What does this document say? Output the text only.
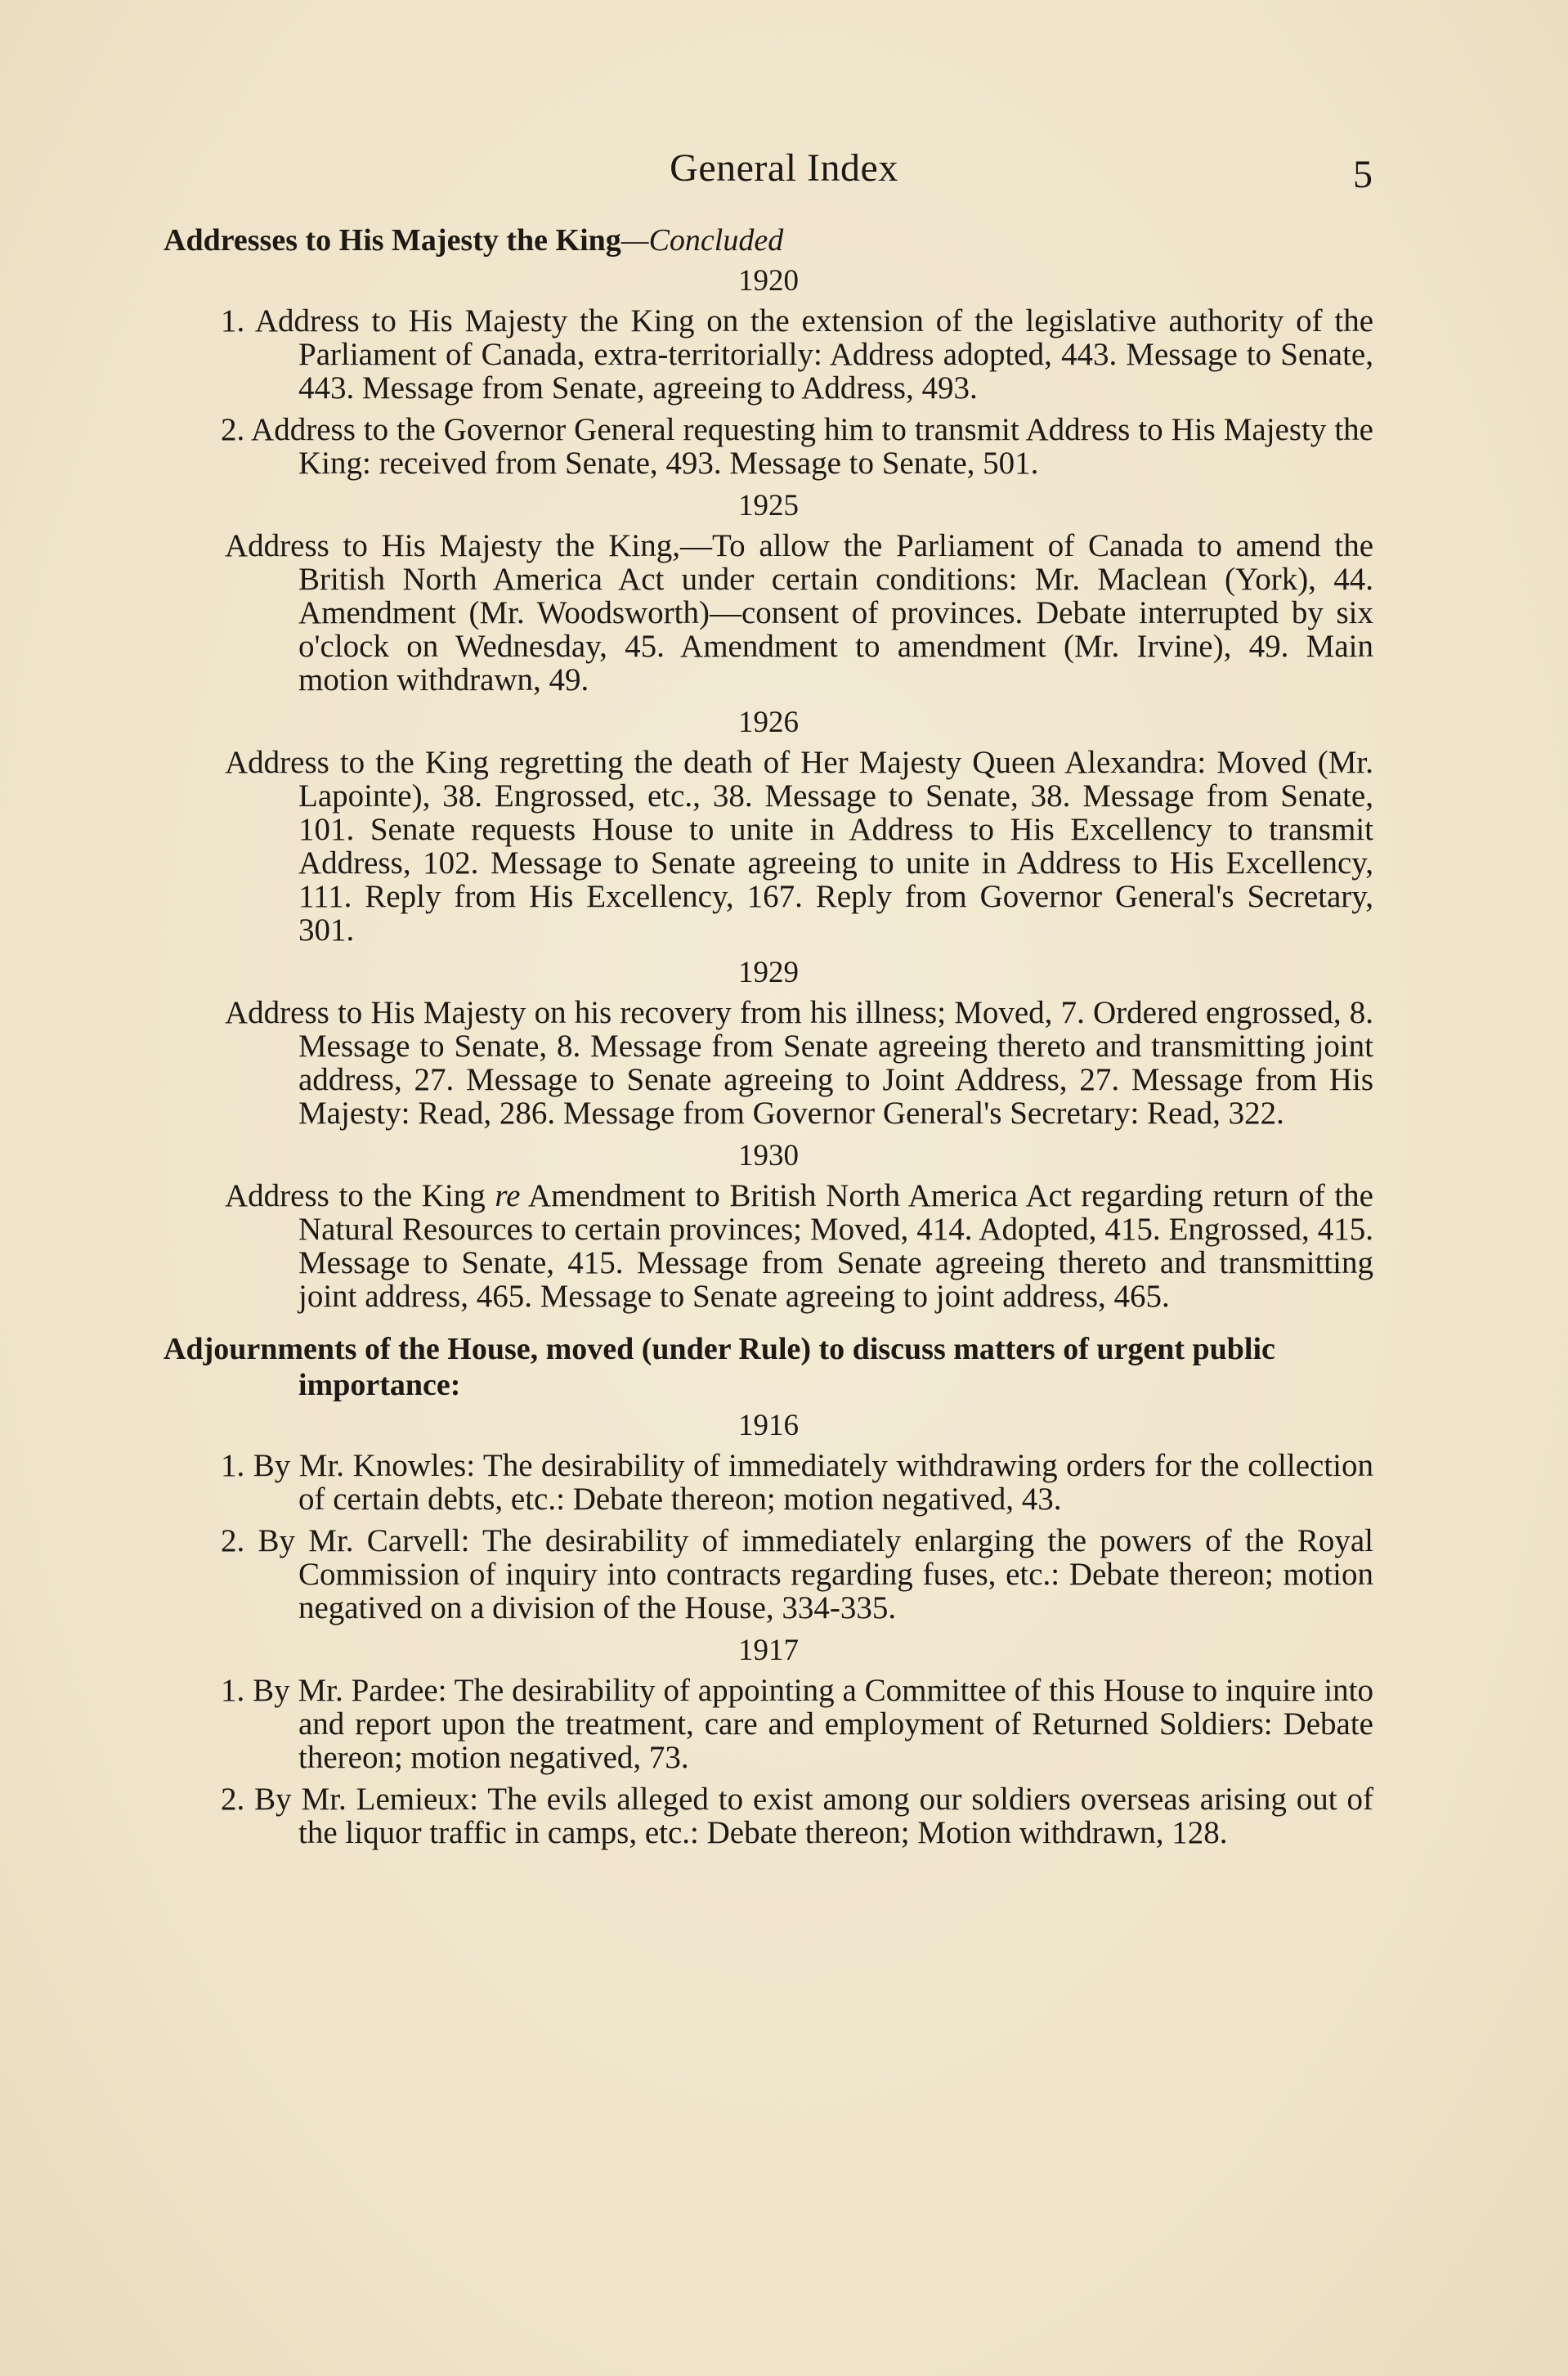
General Index	5
Addresses to His Majesty the King—Concluded
1920

1. Address to His Majesty the King on the extension of the legislative authority of the Parliament of Canada, extra-territorially: Address adopted, 443. Message to Senate, 443. Message from Senate, agreeing to Address, 493.

2. Address to the Governor General requesting him to transmit Address to His Majesty the King: received from Senate, 493. Message to Senate, 501.

1925

Address to His Majesty the King,—To allow the Parliament of Canada to amend the British North America Act under certain conditions: Mr. Maclean (York), 44. Amendment (Mr. Woodsworth)—consent of provinces. Debate interrupted by six o'clock on Wednesday, 45. Amendment to amendment (Mr. Irvine), 49. Main motion withdrawn, 49.

1926

Address to the King regretting the death of Her Majesty Queen Alexandra: Moved (Mr. Lapointe), 38. Engrossed, etc., 38. Message to Senate, 38. Message from Senate, 101. Senate requests House to unite in Address to His Excellency to transmit Address, 102. Message to Senate agreeing to unite in Address to His Excellency, 111. Reply from His Excellency, 167. Reply from Governor General's Secretary, 301.

1929

Address to His Majesty on his recovery from his illness; Moved, 7. Ordered engrossed, 8. Message to Senate, 8. Message from Senate agreeing thereto and transmitting joint address, 27. Message to Senate agreeing to Joint Address, 27. Message from His Majesty: Read, 286. Message from Governor General's Secretary: Read, 322.

1930

Address to the King re Amendment to British North America Act regarding return of the Natural Resources to certain provinces; Moved, 414. Adopted, 415. Engrossed, 415. Message to Senate, 415. Message from Senate agreeing thereto and transmitting joint address, 465. Message to Senate agreeing to joint address, 465.

Adjournments of the House, moved (under Rule) to discuss matters of urgent public importance:
1916

1. By Mr. Knowles: The desirability of immediately withdrawing orders for the collection of certain debts, etc.: Debate thereon; motion negatived, 43.

2. By Mr. Carvell: The desirability of immediately enlarging the powers of the Royal Commission of inquiry into contracts regarding fuses, etc.: Debate thereon; motion negatived on a division of the House, 334-335.

1917

1. By Mr. Pardee: The desirability of appointing a Committee of this House to inquire into and report upon the treatment, care and employment of Returned Soldiers: Debate thereon; motion negatived, 73.

2. By Mr. Lemieux: The evils alleged to exist among our soldiers overseas arising out of the liquor traffic in camps, etc.: Debate thereon; Motion withdrawn, 128.
